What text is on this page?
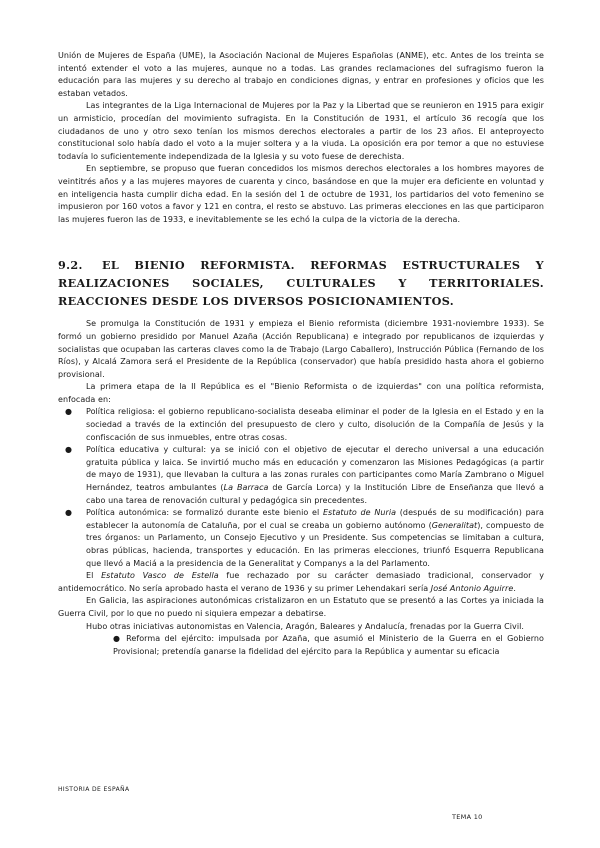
Unión de Mujeres de España (UME), la Asociación Nacional de Mujeres Españolas (ANME), etc. Antes de los treinta se intentó extender el voto a las mujeres, aunque no a todas. Las grandes reclamaciones del sufragismo fueron la educación para las mujeres y su derecho al trabajo en condiciones dignas, y entrar en profesiones y oficios que les estaban vetados.

Las integrantes de la Liga Internacional de Mujeres por la Paz y la Libertad que se reunieron en 1915 para exigir un armisticio, procedían del movimiento sufragista. En la Constitución de 1931, el artículo 36 recogía que los ciudadanos de uno y otro sexo tenían los mismos derechos electorales a partir de los 23 años. El anteproyecto constitucional solo había dado el voto a la mujer soltera y a la viuda. La oposición era por temor a que no estuviese todavía lo suficientemente independizada de la Iglesia y su voto fuese de derechista.

En septiembre, se propuso que fueran concedidos los mismos derechos electorales a los hombres mayores de veintitrés años y a las mujeres mayores de cuarenta y cinco, basándose en que la mujer era deficiente en voluntad y en inteligencia hasta cumplir dicha edad. En la sesión del 1 de octubre de 1931, los partidarios del voto femenino se impusieron por 160 votos a favor y 121 en contra, el resto se abstuvo. Las primeras elecciones en las que participaron las mujeres fueron las de 1933, e inevitablemente se les echó la culpa de la victoria de la derecha.

9.2. EL BIENIO REFORMISTA. REFORMAS ESTRUCTURALES Y REALIZACIONES SOCIALES, CULTURALES Y TERRITORIALES. REACCIONES DESDE LOS DIVERSOS POSICIONAMIENTOS.

Se promulga la Constitución de 1931 y empieza el Bienio reformista (diciembre 1931-noviembre 1933). Se formó un gobierno presidido por Manuel Azaña (Acción Republicana) e integrado por republicanos de izquierdas y socialistas que ocupaban las carteras claves como la de Trabajo (Largo Caballero), Instrucción Pública (Fernando de los Ríos), y Alcalá Zamora será el Presidente de la República (conservador) que había presidido hasta ahora el gobierno provisional.

La primera etapa de la II República es el "Bienio Reformista o de izquierdas" con una política reformista, enfocada en:

● Política religiosa: el gobierno republicano-socialista deseaba eliminar el poder de la Iglesia en el Estado y en la sociedad a través de la extinción del presupuesto de clero y culto, disolución de la Compañía de Jesús y la confiscación de sus inmuebles, entre otras cosas.

● Política educativa y cultural: ya se inició con el objetivo de ejecutar el derecho universal a una educación gratuita pública y laica. Se invirtió mucho más en educación y comenzaron las Misiones Pedagógicas (a partir de mayo de 1931), que llevaban la cultura a las zonas rurales con participantes como María Zambrano o Miguel Hernández, teatros ambulantes (La Barraca de García Lorca) y la Institución Libre de Enseñanza que llevó a cabo una tarea de renovación cultural y pedagógica sin precedentes.

● Política autonómica: se formalizó durante este bienio el Estatuto de Nuria (después de su modificación) para establecer la autonomía de Cataluña, por el cual se creaba un gobierno autónomo (Generalitat), compuesto de tres órganos: un Parlamento, un Consejo Ejecutivo y un Presidente. Sus competencias se limitaban a cultura, obras públicas, hacienda, transportes y educación. En las primeras elecciones, triunfó Esquerra Republicana que llevó a Maciá a la presidencia de la Generalitat y Companys a la del Parlamento.

El Estatuto Vasco de Estella fue rechazado por su carácter demasiado tradicional, conservador y antidemocrático. No sería aprobado hasta el verano de 1936 y su primer Lehendakari sería José Antonio Aguirre.

En Galicia, las aspiraciones autonómicas cristalizaron en un Estatuto que se presentó a las Cortes ya iniciada la Guerra Civil, por lo que no puedo ni siquiera empezar a debatirse.

Hubo otras iniciativas autonomistas en Valencia, Aragón, Baleares y Andalucía, frenadas por la Guerra Civil.

● Reforma del ejército: impulsada por Azaña, que asumió el Ministerio de la Guerra en el Gobierno Provisional; pretendía ganarse la fidelidad del ejército para la República y aumentar su eficacia

HISTORIA DE ESPAÑA
TEMA 10
